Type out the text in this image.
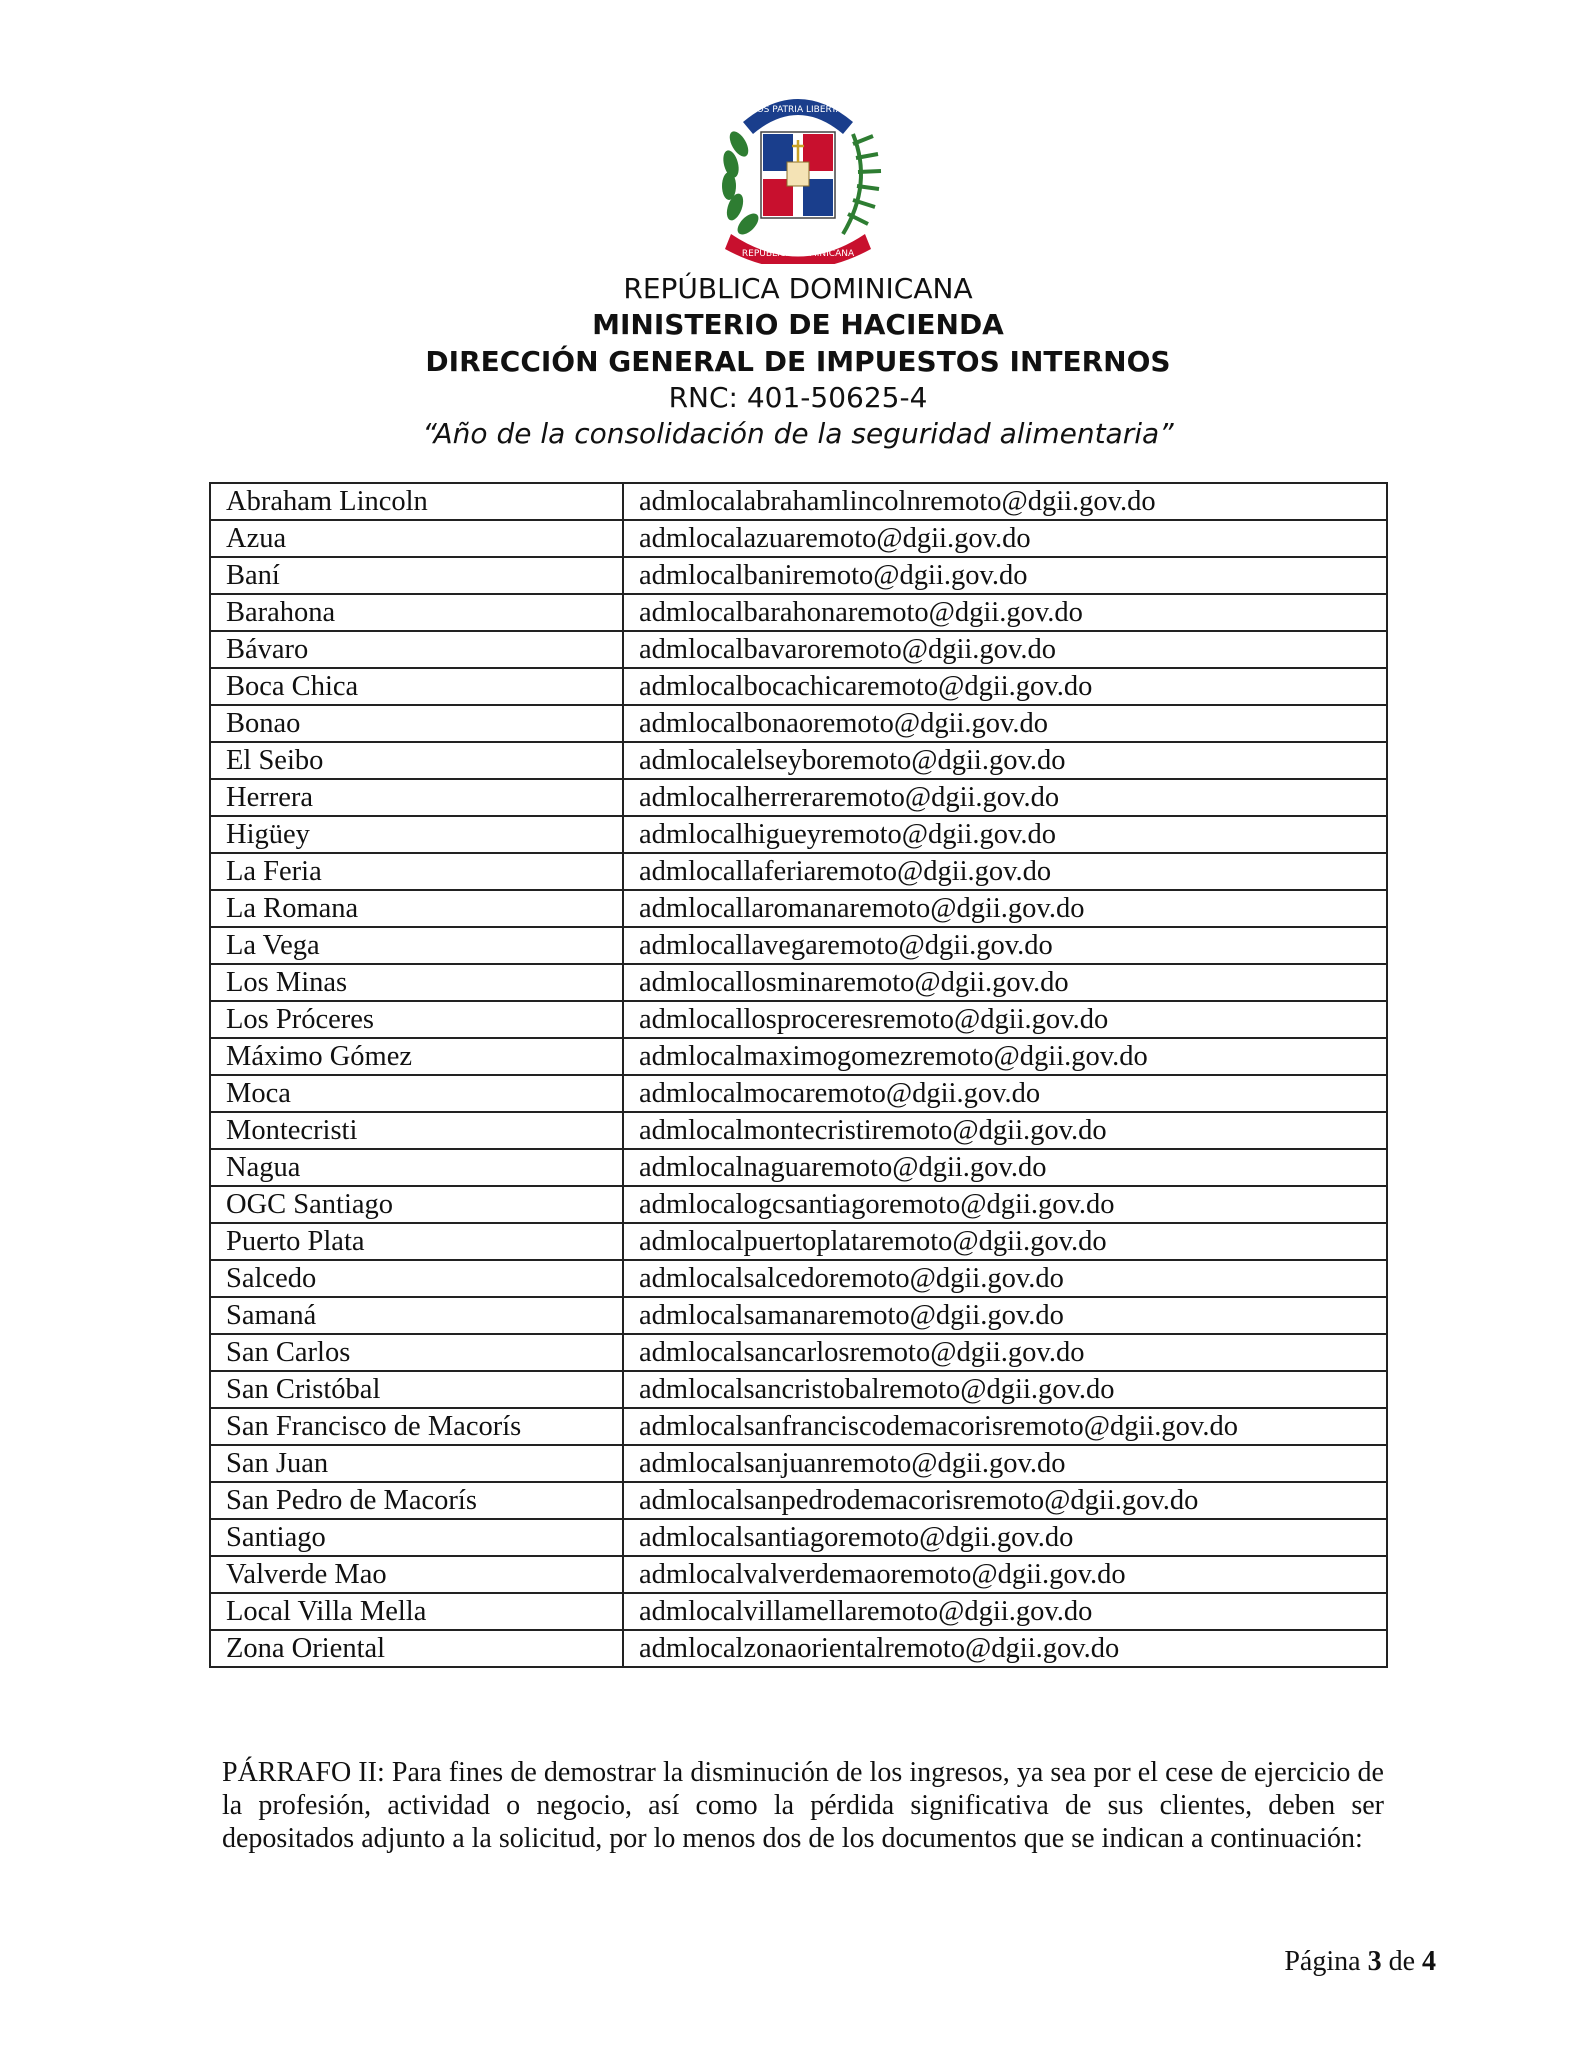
DIOS PATRIA LIBERTAD
REPÚBLICA DOMINICANA
REPÚBLICA DOMINICANA
MINISTERIO DE HACIENDA
DIRECCIÓN GENERAL DE IMPUESTOS INTERNOS
RNC: 401-50625-4
“Año de la consolidación de la seguridad alimentaria”
Abraham Lincoln	admlocalabrahamlincolnremoto@dgii.gov.do
Azua	admlocalazuaremoto@dgii.gov.do
Baní	admlocalbaniremoto@dgii.gov.do
Barahona	admlocalbarahonaremoto@dgii.gov.do
Bávaro	admlocalbavaroremoto@dgii.gov.do
Boca Chica	admlocalbocachicaremoto@dgii.gov.do
Bonao	admlocalbonaoremoto@dgii.gov.do
El Seibo	admlocalelseyboremoto@dgii.gov.do
Herrera	admlocalherreraremoto@dgii.gov.do
Higüey	admlocalhigueyremoto@dgii.gov.do
La Feria	admlocallaferiaremoto@dgii.gov.do
La Romana	admlocallaromanaremoto@dgii.gov.do
La Vega	admlocallavegaremoto@dgii.gov.do
Los Minas	admlocallosminaremoto@dgii.gov.do
Los Próceres	admlocallosproceresremoto@dgii.gov.do
Máximo Gómez	admlocalmaximogomezremoto@dgii.gov.do
Moca	admlocalmocaremoto@dgii.gov.do
Montecristi	admlocalmontecristiremoto@dgii.gov.do
Nagua	admlocalnaguaremoto@dgii.gov.do
OGC Santiago	admlocalogcsantiagoremoto@dgii.gov.do
Puerto Plata	admlocalpuertoplataremoto@dgii.gov.do
Salcedo	admlocalsalcedoremoto@dgii.gov.do
Samaná	admlocalsamanaremoto@dgii.gov.do
San Carlos	admlocalsancarlosremoto@dgii.gov.do
San Cristóbal	admlocalsancristobalremoto@dgii.gov.do
San Francisco de Macorís	admlocalsanfranciscodemacorisremoto@dgii.gov.do
San Juan	admlocalsanjuanremoto@dgii.gov.do
San Pedro de Macorís	admlocalsanpedrodemacorisremoto@dgii.gov.do
Santiago	admlocalsantiagoremoto@dgii.gov.do
Valverde Mao	admlocalvalverdemaoremoto@dgii.gov.do
Local Villa Mella	admlocalvillamellaremoto@dgii.gov.do
Zona Oriental	admlocalzonaorientalremoto@dgii.gov.do
PÁRRAFO II: Para fines de demostrar la disminución de los ingresos, ya sea por el cese de ejercicio de la profesión, actividad o negocio, así como la pérdida significativa de sus clientes, deben ser depositados adjunto a la solicitud, por lo menos dos de los documentos que se indican a continuación:
Página 3 de 4
